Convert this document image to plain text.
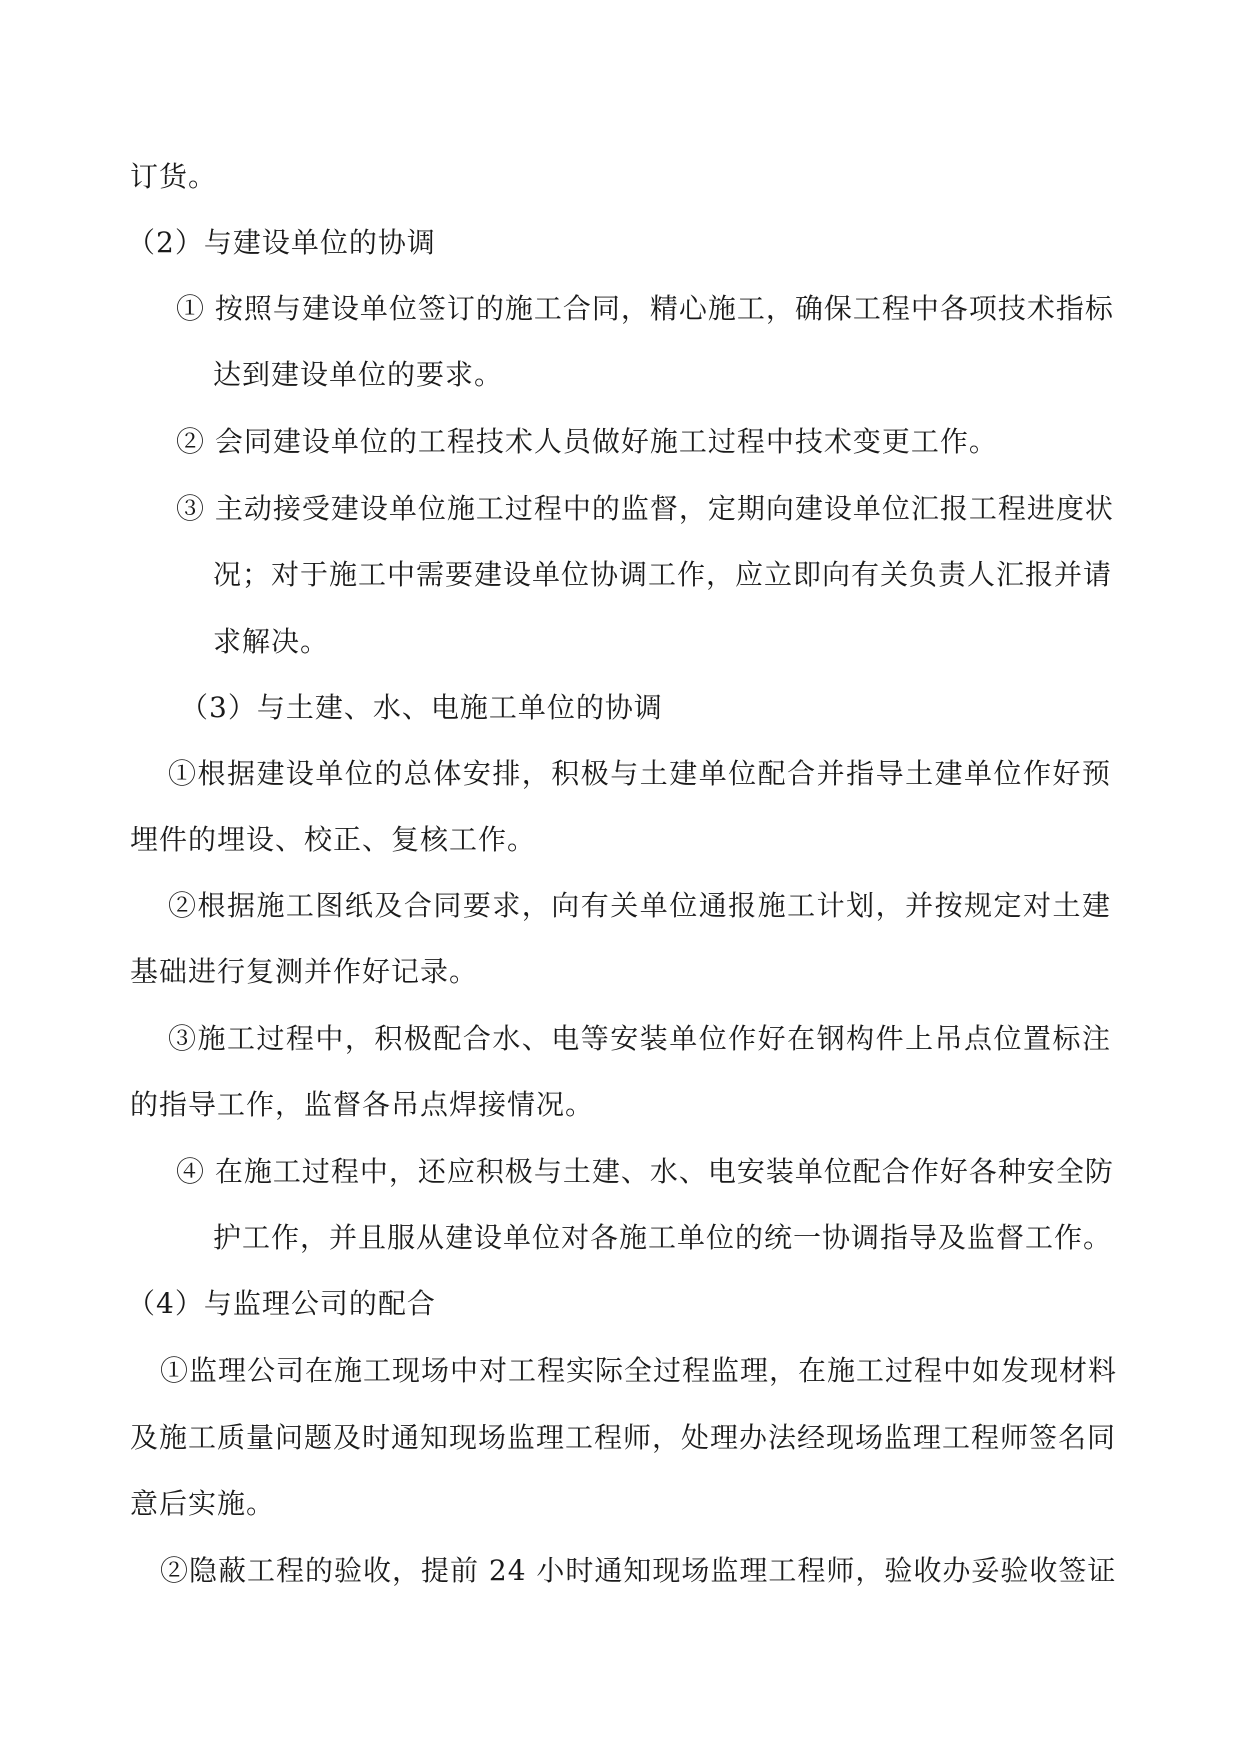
订货。
（2）与建设单位的协调
① 按照与建设单位签订的施工合同，精心施工，确保工程中各项技术指标
达到建设单位的要求。
② 会同建设单位的工程技术人员做好施工过程中技术变更工作。
③ 主动接受建设单位施工过程中的监督，定期向建设单位汇报工程进度状
况；对于施工中需要建设单位协调工作，应立即向有关负责人汇报并请
求解决。
（3）与土建、水、电施工单位的协调
①根据建设单位的总体安排，积极与土建单位配合并指导土建单位作好预
埋件的埋设、校正、复核工作。
②根据施工图纸及合同要求，向有关单位通报施工计划，并按规定对土建
基础进行复测并作好记录。
③施工过程中，积极配合水、电等安装单位作好在钢构件上吊点位置标注
的指导工作，监督各吊点焊接情况。
④ 在施工过程中，还应积极与土建、水、电安装单位配合作好各种安全防
护工作，并且服从建设单位对各施工单位的统一协调指导及监督工作。
（4）与监理公司的配合
①监理公司在施工现场中对工程实际全过程监理，在施工过程中如发现材料
及施工质量问题及时通知现场监理工程师，处理办法经现场监理工程师签名同
意后实施。
②隐蔽工程的验收，提前 24 小时通知现场监理工程师，验收办妥验收签证
